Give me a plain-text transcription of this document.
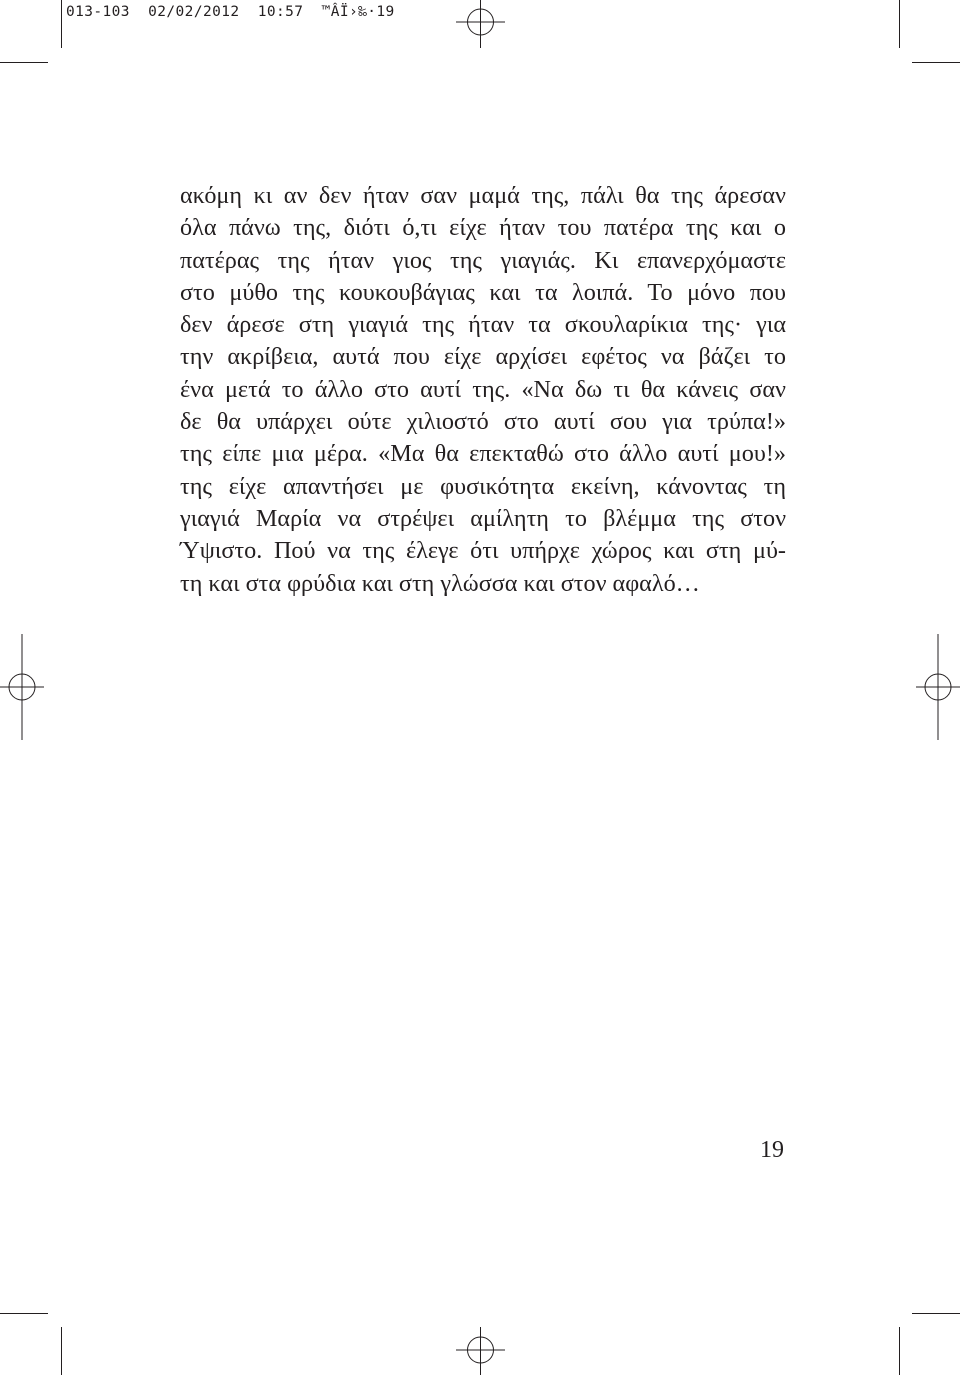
013-103  02/02/2012  10:57  ™ÂÏ›‰·19
ακόμη κι αν δεν ήταν σαν μαμά της, πάλι θα της άρεσαν
όλα πάνω της, διότι ό,τι είχε ήταν του πατέρα της και ο
πατέρας της ήταν γιος της γιαγιάς. Κι επανερχόμαστε
στο μύθο της κουκουβάγιας και τα λοιπά. Το μόνο που
δεν άρεσε στη γιαγιά της ήταν τα σκουλαρίκια της· για
την ακρίβεια, αυτά που είχε αρχίσει εφέτος να βάζει το
ένα μετά το άλλο στο αυτί της. «Να δω τι θα κάνεις σαν
δε θα υπάρχει ούτε χιλιοστό στο αυτί σου για τρύπα!»
της είπε μια μέρα. «Μα θα επεκταθώ στο άλλο αυτί μου!»
της είχε απαντήσει με φυσικότητα εκείνη, κάνοντας τη
γιαγιά Μαρία να στρέψει αμίλητη το βλέμμα της στον
Ύψιστο. Πού να της έλεγε ότι υπήρχε χώρος και στη μύ-
τη και στα φρύδια και στη γλώσσα και στον αφαλό…
19
